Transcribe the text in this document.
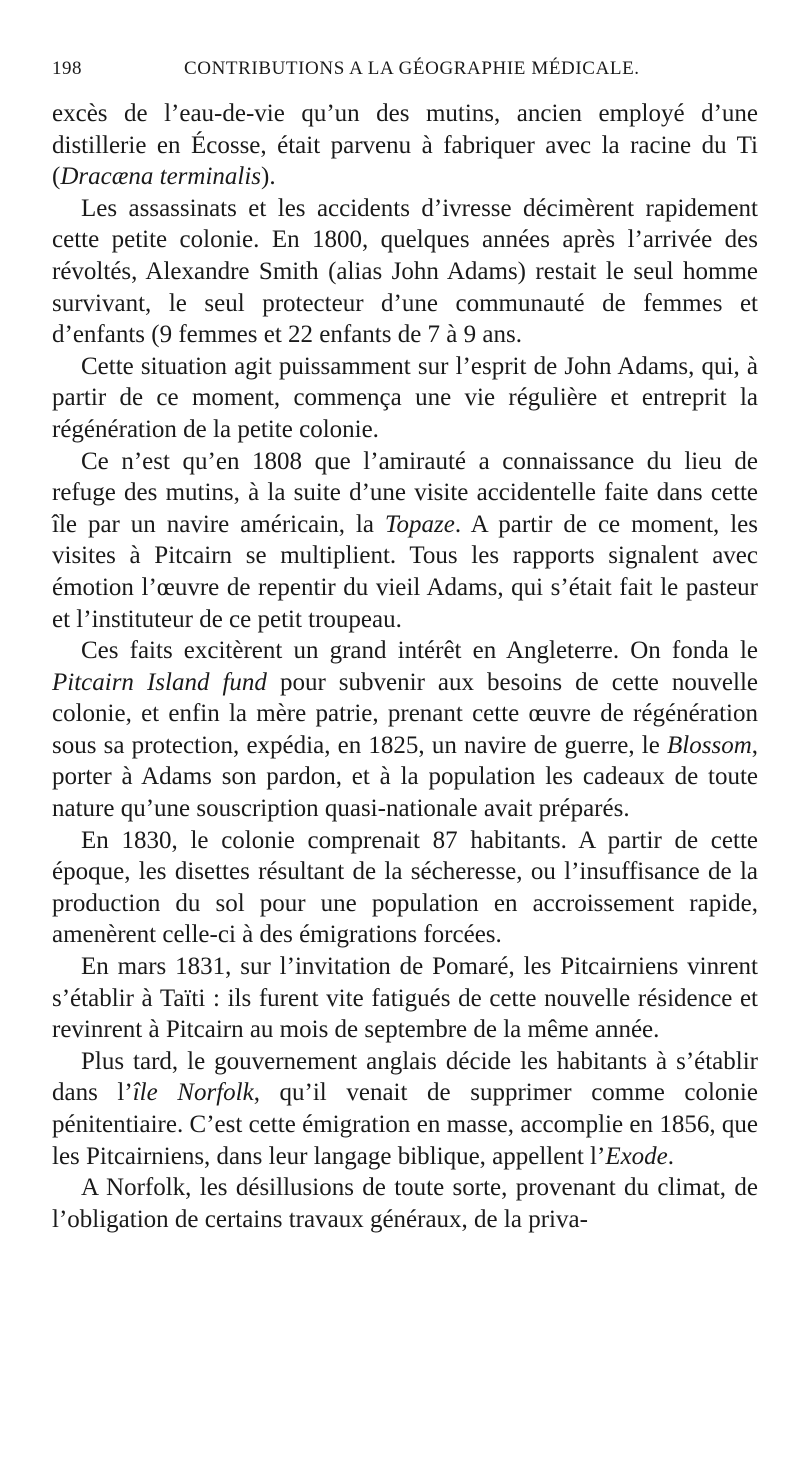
198	CONTRIBUTIONS A LA GÉOGRAPHIE MÉDICALE.

excès de l’eau-de-vie qu’un des mutins, ancien employé d’une distillerie en Écosse, était parvenu à fabriquer avec la racine du Ti (Dracæna terminalis).

Les assassinats et les accidents d’ivresse décimèrent rapidement cette petite colonie. En 1800, quelques années après l’arrivée des révoltés, Alexandre Smith (alias John Adams) restait le seul homme survivant, le seul protecteur d’une communauté de femmes et d’enfants (9 femmes et 22 enfants de 7 à 9 ans.

Cette situation agit puissamment sur l’esprit de John Adams, qui, à partir de ce moment, commença une vie régulière et entreprit la régénération de la petite colonie.

Ce n’est qu’en 1808 que l’amirauté a connaissance du lieu de refuge des mutins, à la suite d’une visite accidentelle faite dans cette île par un navire américain, la Topaze. A partir de ce moment, les visites à Pitcairn se multiplient. Tous les rapports signalent avec émotion l’œuvre de repentir du vieil Adams, qui s’était fait le pasteur et l’instituteur de ce petit troupeau.

Ces faits excitèrent un grand intérêt en Angleterre. On fonda le Pitcairn Island fund pour subvenir aux besoins de cette nouvelle colonie, et enfin la mère patrie, prenant cette œuvre de régénération sous sa protection, expédia, en 1825, un navire de guerre, le Blossom, porter à Adams son pardon, et à la population les cadeaux de toute nature qu’une souscription quasi-nationale avait préparés.

En 1830, le colonie comprenait 87 habitants. A partir de cette époque, les disettes résultant de la sécheresse, ou l’insuffisance de la production du sol pour une population en accroissement rapide, amenèrent celle-ci à des émigrations forcées.

En mars 1831, sur l’invitation de Pomaré, les Pitcairniens vinrent s’établir à Taïti : ils furent vite fatigués de cette nouvelle résidence et revinrent à Pitcairn au mois de septembre de la même année.

Plus tard, le gouvernement anglais décide les habitants à s’établir dans l’île Norfolk, qu’il venait de supprimer comme colonie pénitentiaire. C’est cette émigration en masse, accomplie en 1856, que les Pitcairniens, dans leur langage biblique, appellent l’Exode.

A Norfolk, les désillusions de toute sorte, provenant du climat, de l’obligation de certains travaux généraux, de la priva-
